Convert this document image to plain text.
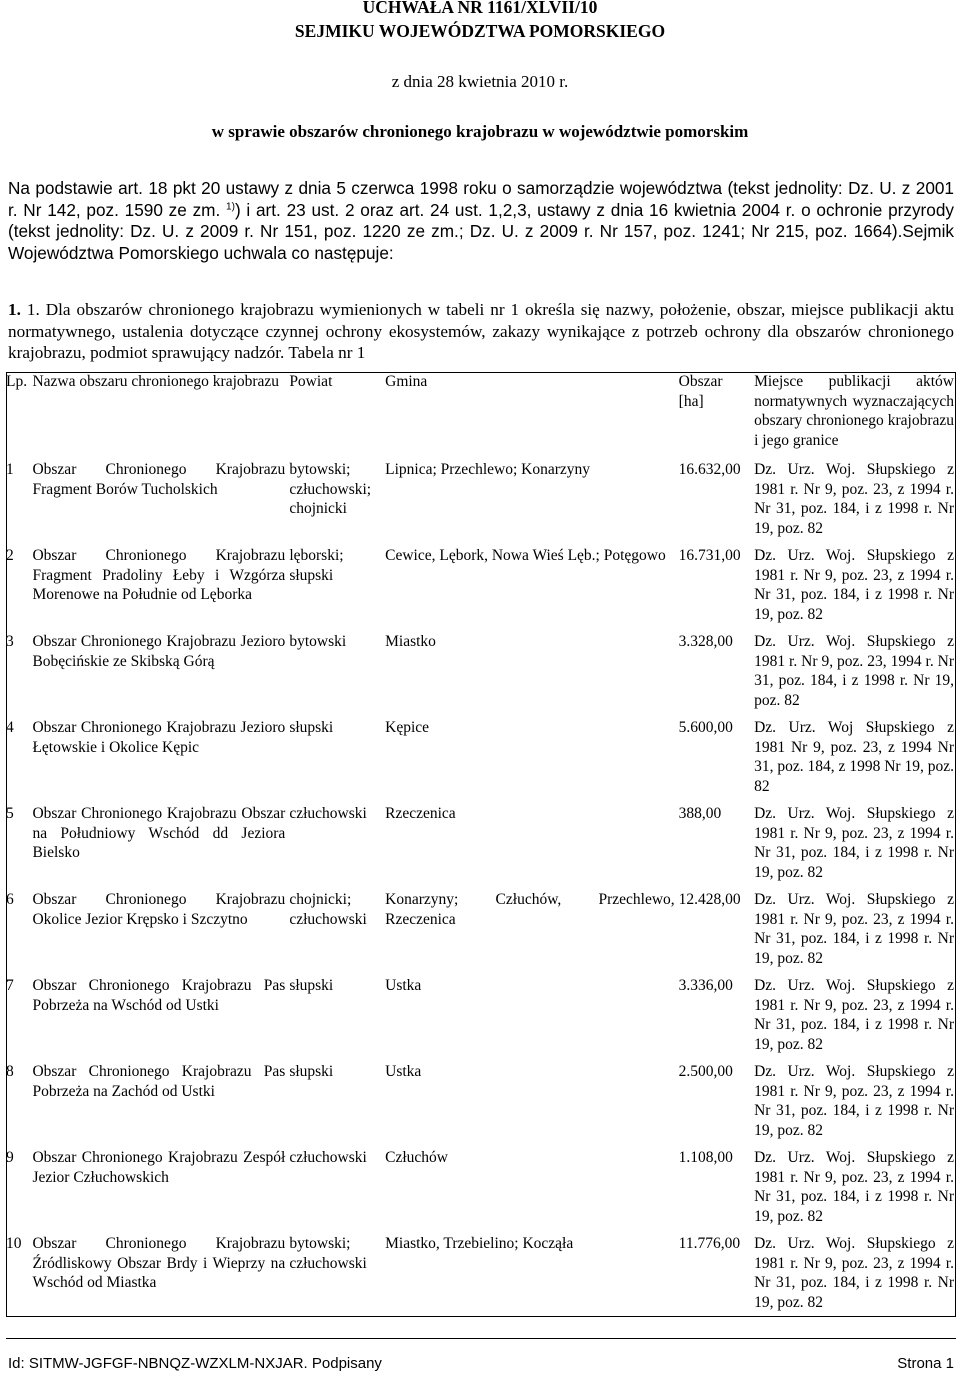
UCHWAŁA NR 1161/XLVII/10
SEJMIKU WOJEWÓDZTWA POMORSKIEGO
z dnia 28 kwietnia 2010 r.
w sprawie obszarów chronionego krajobrazu w województwie pomorskim
Na podstawie art. 18 pkt 20 ustawy z dnia 5 czerwca 1998 roku o samorządzie województwa (tekst jednolity: Dz. U. z 2001 r. Nr 142, poz. 1590 ze zm. $^{1)}$) i art. 23 ust. 2 oraz art. 24 ust. 1,2,3, ustawy z dnia 16 kwietnia 2004 r. o ochronie przyrody (tekst jednolity: Dz. U. z 2009 r. Nr 151, poz. 1220 ze zm.; Dz. U. z 2009 r. Nr 157, poz. 1241; Nr 215, poz. 1664).Sejmik Województwa Pomorskiego uchwala co następuje:
1. 1. Dla obszarów chronionego krajobrazu wymienionych w tabeli nr 1 określa się nazwy, położenie, obszar, miejsce publikacji aktu normatywnego, ustalenia dotyczące czynnej ochrony ekosystemów, zakazy wynikające z potrzeb ochrony dla obszarów chronionego krajobrazu, podmiot sprawujący nadzór. Tabela nr 1
Lp.	Nazwa obszaru chronionego krajobrazu	Powiat	Gmina	Obszar [ha]	Miejsce publikacji aktów normatywnych wyznaczających obszary chronionego krajobrazu i jego granice
1	Obszar Chronionego Krajobrazu Fragment Borów Tucholskich	bytowski; człuchowski; chojnicki	Lipnica; Przechlewo; Konarzyny	16.632,00	Dz. Urz. Woj. Słupskiego z 1981 r. Nr 9, poz. 23, z 1994 r. Nr 31, poz. 184, i z 1998 r. Nr 19, poz. 82
2	Obszar Chronionego Krajobrazu Fragment Pradoliny Łeby i Wzgórza Morenowe na Południe od Lęborka	lęborski; słupski	Cewice, Lębork, Nowa Wieś Lęb.; Potęgowo	16.731,00	Dz. Urz. Woj. Słupskiego z 1981 r. Nr 9, poz. 23, z 1994 r. Nr 31, poz. 184, i z 1998 r. Nr 19, poz. 82
3	Obszar Chronionego Krajobrazu Jezioro Bobęcińskie ze Skibską Górą	bytowski	Miastko	3.328,00	Dz. Urz. Woj. Słupskiego z 1981 r. Nr 9, poz. 23, 1994 r. Nr 31, poz. 184, i z 1998 r. Nr 19, poz. 82
4	Obszar Chronionego Krajobrazu Jezioro Łętowskie i Okolice Kępic	słupski	Kępice	5.600,00	Dz. Urz. Woj Słupskiego z 1981 Nr 9, poz. 23, z 1994 Nr 31, poz. 184, z 1998 Nr 19, poz. 82
5	Obszar Chronionego Krajobrazu Obszar na Południowy Wschód dd Jeziora Bielsko	człuchowski	Rzeczenica	388,00	Dz. Urz. Woj. Słupskiego z 1981 r. Nr 9, poz. 23, z 1994 r. Nr 31, poz. 184, i z 1998 r. Nr 19, poz. 82
6	Obszar Chronionego Krajobrazu Okolice Jezior Krępsko i Szczytno	chojnicki; człuchowski	Konarzyny; Człuchów, Przechlewo, Rzeczenica	12.428,00	Dz. Urz. Woj. Słupskiego z 1981 r. Nr 9, poz. 23, z 1994 r. Nr 31, poz. 184, i z 1998 r. Nr 19, poz. 82
7	Obszar Chronionego Krajobrazu Pas Pobrzeża na Wschód od Ustki	słupski	Ustka	3.336,00	Dz. Urz. Woj. Słupskiego z 1981 r. Nr 9, poz. 23, z 1994 r. Nr 31, poz. 184, i z 1998 r. Nr 19, poz. 82
8	Obszar Chronionego Krajobrazu Pas Pobrzeża na Zachód od Ustki	słupski	Ustka	2.500,00	Dz. Urz. Woj. Słupskiego z 1981 r. Nr 9, poz. 23, z 1994 r. Nr 31, poz. 184, i z 1998 r. Nr 19, poz. 82
9	Obszar Chronionego Krajobrazu Zespół Jezior Człuchowskich	człuchowski	Człuchów	1.108,00	Dz. Urz. Woj. Słupskiego z 1981 r. Nr 9, poz. 23, z 1994 r. Nr 31, poz. 184, i z 1998 r. Nr 19, poz. 82
10	Obszar Chronionego Krajobrazu Źródliskowy Obszar Brdy i Wieprzy na Wschód od Miastka	bytowski; człuchowski	Miastko, Trzebielino; Kocząła	11.776,00	Dz. Urz. Woj. Słupskiego z 1981 r. Nr 9, poz. 23, z 1994 r. Nr 31, poz. 184, i z 1998 r. Nr 19, poz. 82
Id: SITMW-JGFGF-NBNQZ-WZXLM-NXJAR. Podpisany	Strona 1
